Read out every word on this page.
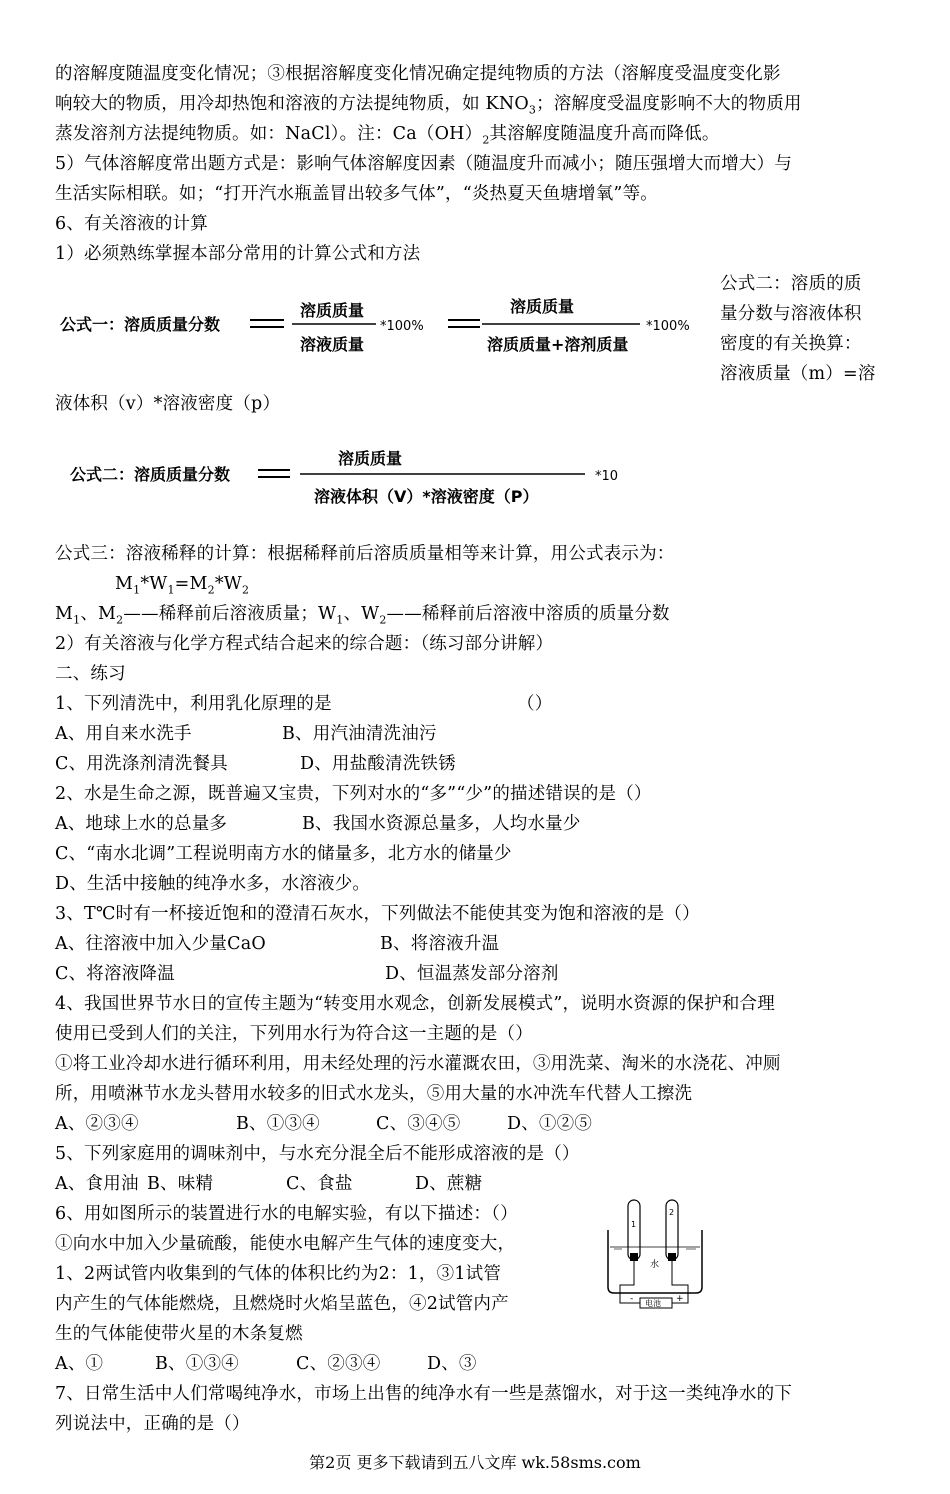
的溶解度随温度变化情况；③根据溶解度变化情况确定提纯物质的方法（溶解度受温度变化影
响较大的物质，用冷却热饱和溶液的方法提纯物质，如 $KNO_3$；溶解度受温度影响不大的物质用
蒸发溶剂方法提纯物质。如：NaCl）。注：$Ca(OH)_2$其溶解度随温度升高而降低。
5）气体溶解度常出题方式是：影响气体溶解度因素（随温度升而减小；随压强增大而增大）与
生活实际相联。如；“打开汽水瓶盖冒出较多气体”，“炎热夏天鱼塘增氧”等。
6、有关溶液的计算
1）必须熟练掌握本部分常用的计算公式和方法
公式一：溶质质量分数
溶质质量
溶液质量
*100%
溶质质量
溶质质量+溶剂质量
*100%
公式二：溶质的质
量分数与溶液体积
密度的有关换算：
溶液质量（m）=溶
液体积（v）*溶液密度（p）
公式二：溶质质量分数
溶质质量
溶液体积（V）*溶液密度（P）
*10
公式三：溶液稀释的计算：根据稀释前后溶质质量相等来计算，用公式表示为：
$M_1*W_1=M_2*W_2$
$M_1$、$M_2——$稀释前后溶液质量；$W_1$、$W_2——$稀释前后溶液中溶质的质量分数
2）有关溶液与化学方程式结合起来的综合题：（练习部分讲解）
二、练习
1、下列清洗中，利用乳化原理的是	（）
A、用自来水洗手	B、用汽油清洗油污
C、用洗涤剂清洗餐具	D、用盐酸清洗铁锈
2、水是生命之源，既普遍又宝贵，下列对水的“多”“少”的描述错误的是（）
A、地球上水的总量多	B、我国水资源总量多，人均水量少
C、“南水北调”工程说明南方水的储量多，北方水的储量少
D、生活中接触的纯净水多，水溶液少。
3、T℃时有一杯接近饱和的澄清石灰水，下列做法不能使其变为饱和溶液的是（）
A、往溶液中加入少量CaO	B、将溶液升温
C、将溶液降温	D、恒温蒸发部分溶剂
4、我国世界节水日的宣传主题为“转变用水观念，创新发展模式”，说明水资源的保护和合理
使用已受到人们的关注，下列用水行为符合这一主题的是（）
①将工业冷却水进行循环利用，用未经处理的污水灌溉农田，③用洗菜、淘米的水浇花、冲厕
所，用喷淋节水龙头替用水较多的旧式水龙头，⑤用大量的水冲洗车代替人工擦洗
A、②③④	B、①③④	C、③④⑤	D、①②⑤
5、下列家庭用的调味剂中，与水充分混全后不能形成溶液的是（）
A、食用油 B、味精	C、食盐	D、蔗糖
6、用如图所示的装置进行水的电解实验，有以下描述：（）
①向水中加入少量硫酸，能使水电解产生气体的速度变大，
1、2两试管内收集到的气体的体积比约为2：1，③1试管
内产生的气体能燃烧，且燃烧时火焰呈蓝色，④2试管内产
生的气体能使带火星的木条复燃
A、①	B、①③④	C、②③④	D、③
1
2
水
电池
-	+
7、日常生活中人们常喝纯净水，市场上出售的纯净水有一些是蒸馏水，对于这一类纯净水的下
列说法中，正确的是（）
第2页 更多下载请到五八文库 wk.58sms.com
